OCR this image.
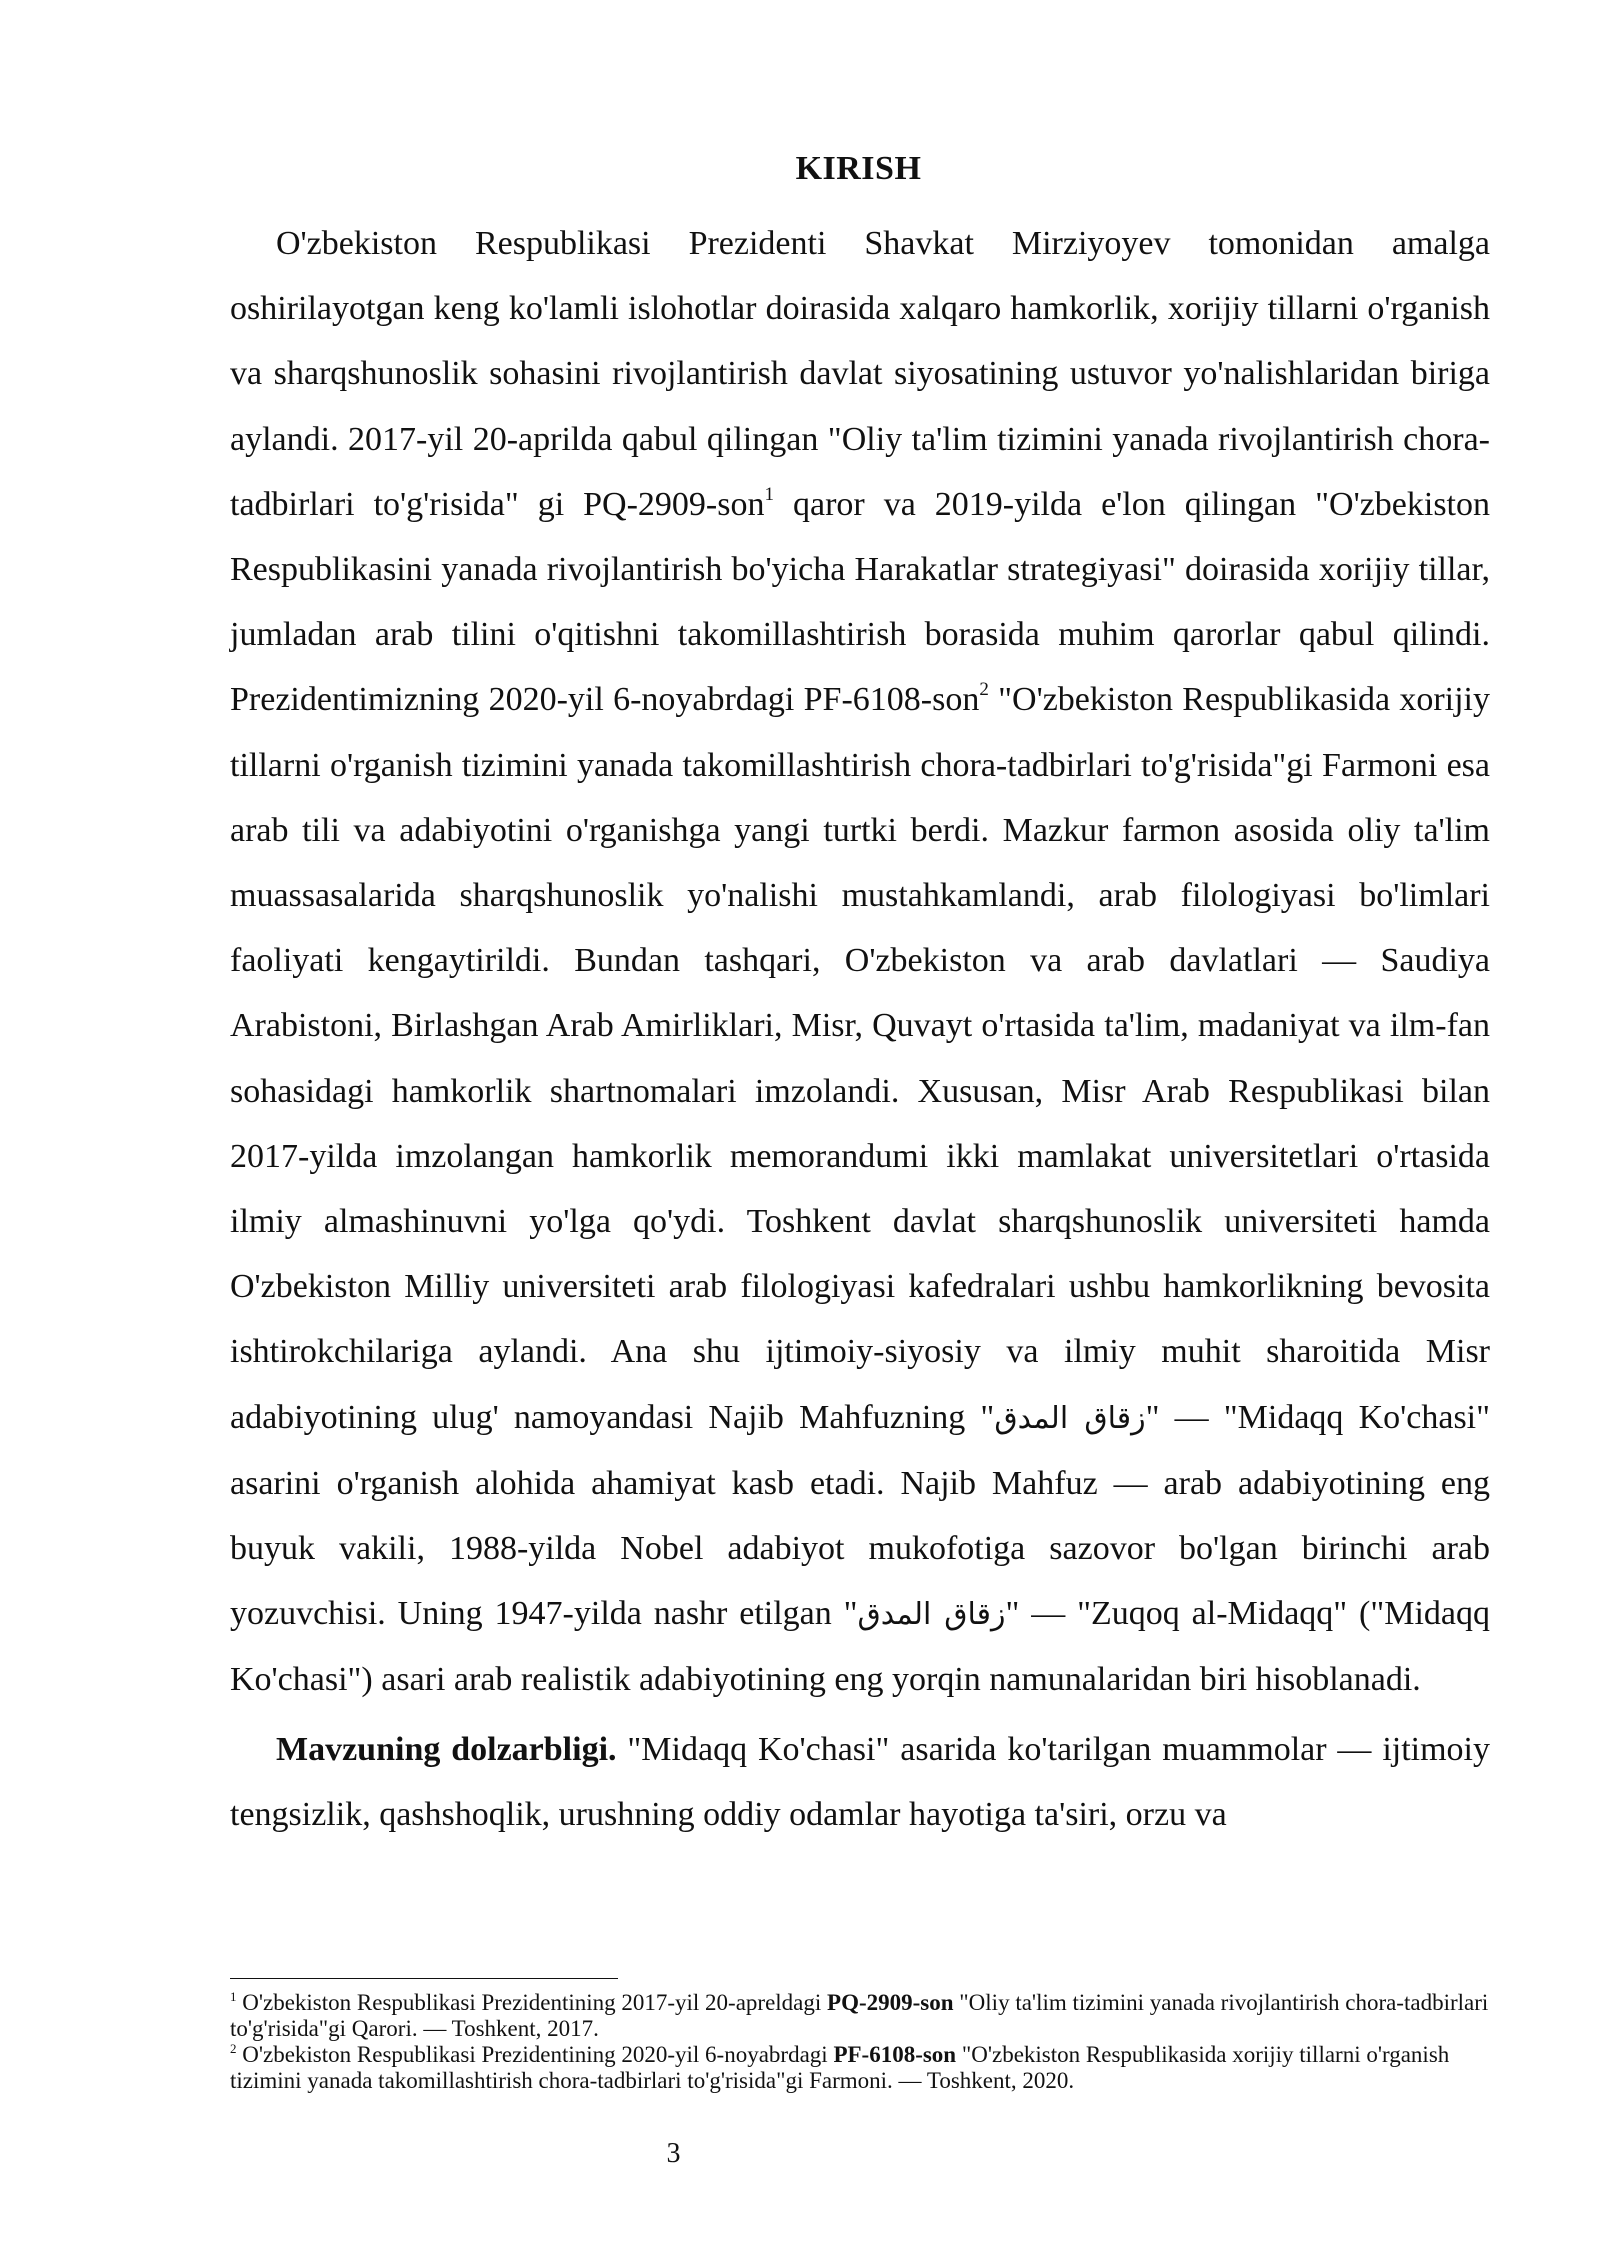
KIRISH

O'zbekiston Respublikasi Prezidenti Shavkat Mirziyoyev tomonidan amalga oshirilayotgan keng ko'lamli islohotlar doirasida xalqaro hamkorlik, xorijiy tillarni o'rganish va sharqshunoslik sohasini rivojlantirish davlat siyosatining ustuvor yo'nalishlaridan biriga aylandi. 2017-yil 20-aprilda qabul qilingan "Oliy ta'lim tizimini yanada rivojlantirish chora-tadbirlari to'g'risida" gi PQ-2909-son$^1$ qaror va 2019-yilda e'lon qilingan "O'zbekiston Respublikasini yanada rivojlantirish bo'yicha Harakatlar strategiyasi" doirasida xorijiy tillar, jumladan arab tilini o'qitishni takomillashtirish borasida muhim qarorlar qabul qilindi. Prezidentimizning 2020-yil 6-noyabrdagi PF-6108-son$^2$ "O'zbekiston Respublikasida xorijiy tillarni o'rganish tizimini yanada takomillashtirish chora-tadbirlari to'g'risida"gi Farmoni esa arab tili va adabiyotini o'rganishga yangi turtki berdi. Mazkur farmon asosida oliy ta'lim muassasalarida sharqshunoslik yo'nalishi mustahkamlandi, arab filologiyasi bo'limlari faoliyati kengaytirildi. Bundan tashqari, O'zbekiston va arab davlatlari — Saudiya Arabistoni, Birlashgan Arab Amirliklari, Misr, Quvayt o'rtasida ta'lim, madaniyat va ilm-fan sohasidagi hamkorlik shartnomalari imzolandi. Xususan, Misr Arab Respublikasi bilan 2017-yilda imzolangan hamkorlik memorandumi ikki mamlakat universitetlari o'rtasida ilmiy almashinuvni yo'lga qo'ydi. Toshkent davlat sharqshunoslik universiteti hamda O'zbekiston Milliy universiteti arab filologiyasi kafedralari ushbu hamkorlikning bevosita ishtirokchilariga aylandi. Ana shu ijtimoiy-siyosiy va ilmiy muhit sharoitida Misr adabiyotining ulug' namoyandasi Najib Mahfuzning "زقاق المدق" — "Midaqq Ko'chasi" asarini o'rganish alohida ahamiyat kasb etadi. Najib Mahfuz — arab adabiyotining eng buyuk vakili, 1988-yilda Nobel adabiyot mukofotiga sazovor bo'lgan birinchi arab yozuvchisi. Uning 1947-yilda nashr etilgan "زقاق المدق" — "Zuqoq al-Midaqq" ("Midaqq Ko'chasi") asari arab realistik adabiyotining eng yorqin namunalaridan biri hisoblanadi.

Mavzuning dolzarbligi. "Midaqq Ko'chasi" asarida ko'tarilgan muammolar — ijtimoiy tengsizlik, qashshoqlik, urushning oddiy odamlar hayotiga ta'siri, orzu va

$^1$ O'zbekiston Respublikasi Prezidentining 2017-yil 20-apreldagi PQ-2909-son "Oliy ta'lim tizimini yanada rivojlantirish chora-tadbirlari to'g'risida"gi Qarori. — Toshkent, 2017.

$^2$ O'zbekiston Respublikasi Prezidentining 2020-yil 6-noyabrdagi PF-6108-son "O'zbekiston Respublikasida xorijiy tillarni o'rganish tizimini yanada takomillashtirish chora-tadbirlari to'g'risida"gi Farmoni. — Toshkent, 2020.

3
